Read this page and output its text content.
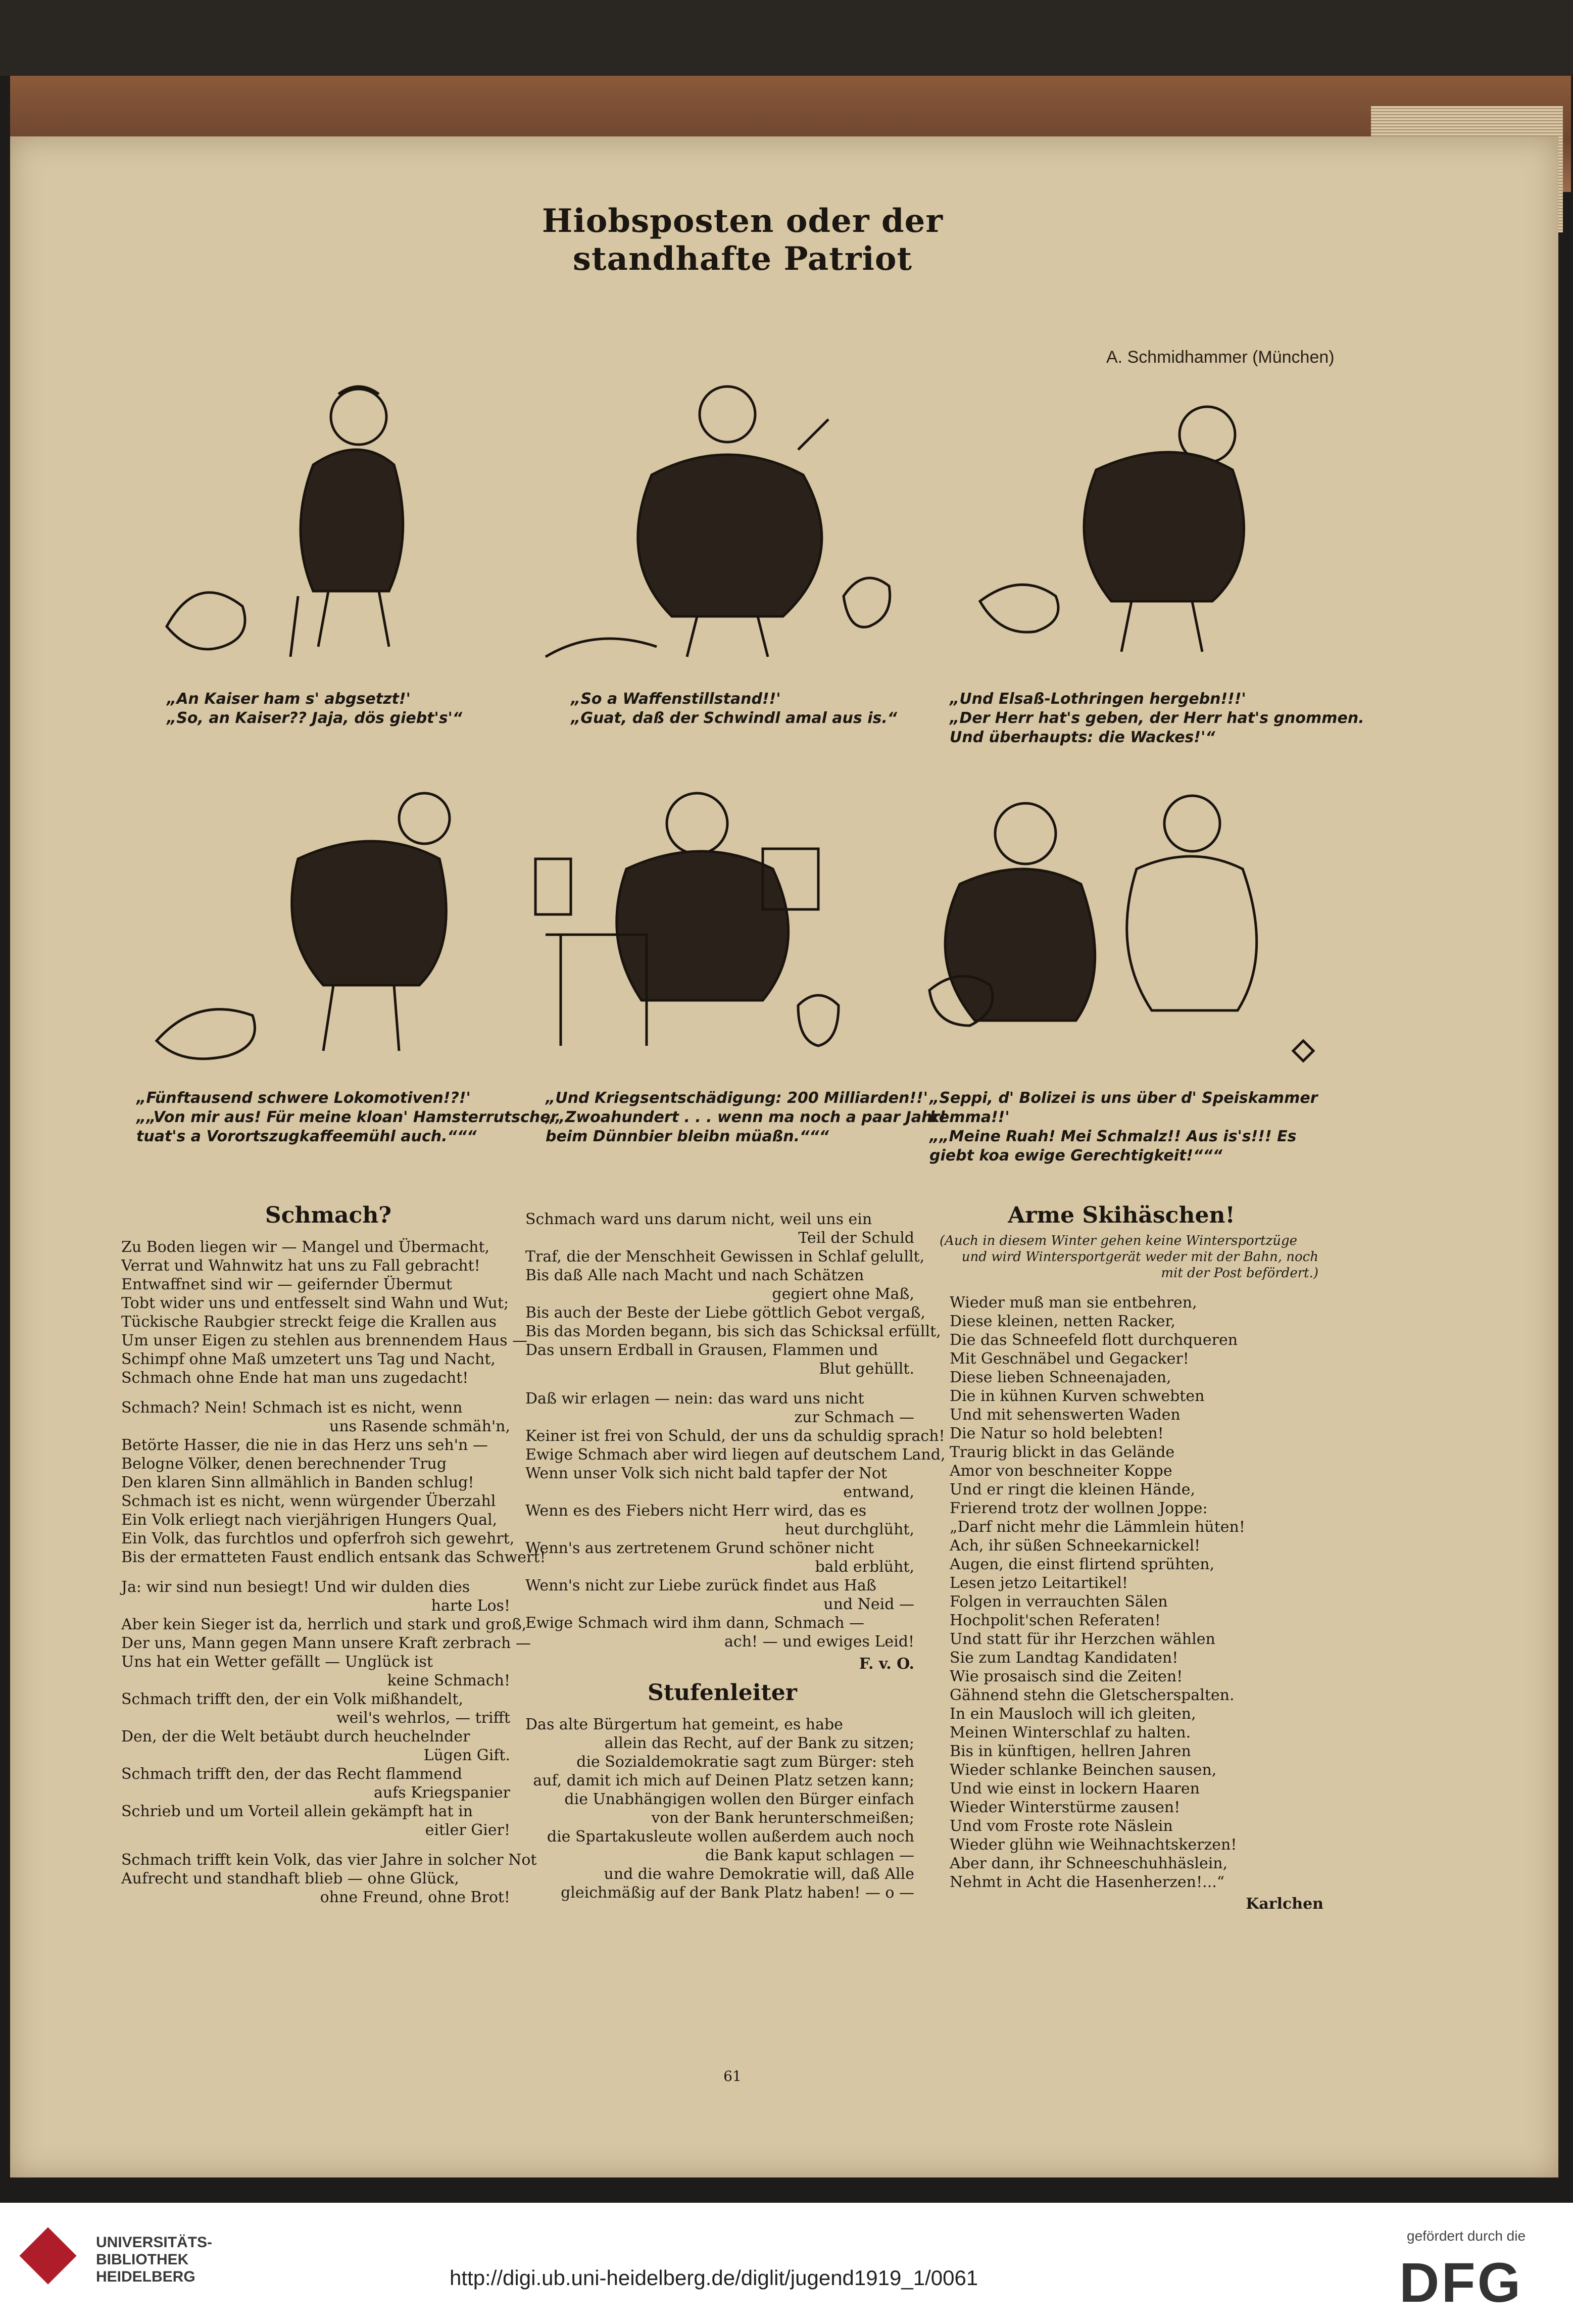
Hiobsposten oder der standhafte Patriot
A. Schmidhammer (München)
„An Kaiser ham s' abgsetzt!'
„So, an Kaiser?? Jaja, dös giebt's'“
„So a Waffenstillstand!!'
„Guat, daß der Schwindl amal aus is.“
„Und Elsaß-Lothringen hergebn!!!'
„Der Herr hat's geben, der Herr hat's gnommen.
Und überhaupts: die Wackes!'“
„Fünftausend schwere Lokomotiven!?!'
„„Von mir aus! Für meine kloan' Hamsterrutscher
tuat's a Vorortszugkaffeemühl auch.“““
„Und Kriegsentschädigung: 200 Milliarden!!'
„„Zwoahundert . . . wenn ma noch a paar Jahrl
beim Dünnbier bleibn müaßn.“““
„Seppi, d' Bolizei is uns über d' Speiskammer
kemma!!'
„„Meine Ruah! Mei Schmalz!! Aus is's!!! Es
giebt koa ewige Gerechtigkeit!“““
Schmach?

Zu Boden liegen wir — Mangel und Übermacht,

Verrat und Wahnwitz hat uns zu Fall gebracht!

Entwaffnet sind wir — geifernder Übermut

Tobt wider uns und entfesselt sind Wahn und Wut;

Tückische Raubgier streckt feige die Krallen aus

Um unser Eigen zu stehlen aus brennendem Haus —

Schimpf ohne Maß umzetert uns Tag und Nacht,

Schmach ohne Ende hat man uns zugedacht!

Schmach? Nein! Schmach ist es nicht, wenn

uns Rasende schmäh'n,

Betörte Hasser, die nie in das Herz uns seh'n —

Belogne Völker, denen berechnender Trug

Den klaren Sinn allmählich in Banden schlug!

Schmach ist es nicht, wenn würgender Überzahl

Ein Volk erliegt nach vierjährigen Hungers Qual,

Ein Volk, das furchtlos und opferfroh sich gewehrt,

Bis der ermatteten Faust endlich entsank das Schwert!

Ja: wir sind nun besiegt! Und wir dulden dies

harte Los!

Aber kein Sieger ist da, herrlich und stark und groß,

Der uns, Mann gegen Mann unsere Kraft zerbrach —

Uns hat ein Wetter gefällt — Unglück ist

keine Schmach!

Schmach trifft den, der ein Volk mißhandelt,

weil's wehrlos, — trifft

Den, der die Welt betäubt durch heuchelnder

Lügen Gift.

Schmach trifft den, der das Recht flammend

aufs Kriegspanier

Schrieb und um Vorteil allein gekämpft hat in

eitler Gier!

Schmach trifft kein Volk, das vier Jahre in solcher Not

Aufrecht und standhaft blieb — ohne Glück,

ohne Freund, ohne Brot!

Schmach ward uns darum nicht, weil uns ein

Teil der Schuld

Traf, die der Menschheit Gewissen in Schlaf gelullt,

Bis daß Alle nach Macht und nach Schätzen

gegiert ohne Maß,

Bis auch der Beste der Liebe göttlich Gebot vergaß,

Bis das Morden begann, bis sich das Schicksal erfüllt,

Das unsern Erdball in Grausen, Flammen und

Blut gehüllt.

Daß wir erlagen — nein: das ward uns nicht

zur Schmach —

Keiner ist frei von Schuld, der uns da schuldig sprach!

Ewige Schmach aber wird liegen auf deutschem Land,

Wenn unser Volk sich nicht bald tapfer der Not

entwand,

Wenn es des Fiebers nicht Herr wird, das es

heut durchglüht,

Wenn's aus zertretenem Grund schöner nicht

bald erblüht,

Wenn's nicht zur Liebe zurück findet aus Haß

und Neid —

Ewige Schmach wird ihm dann, Schmach —

ach! — und ewiges Leid!

F. v. O.
Stufenleiter

Das alte Bürgertum hat gemeint, es habe

allein das Recht, auf der Bank zu sitzen;

die Sozialdemokratie sagt zum Bürger: steh

auf, damit ich mich auf Deinen Platz setzen kann;

die Unabhängigen wollen den Bürger einfach

von der Bank herunterschmeißen;

die Spartakusleute wollen außerdem auch noch

die Bank kaput schlagen —

und die wahre Demokratie will, daß Alle

gleichmäßig auf der Bank Platz haben! — o —

Arme Skihäschen!

(Auch in diesem Winter gehen keine Wintersportzüge

und wird Wintersportgerät weder mit der Bahn, noch

mit der Post befördert.)

Wieder muß man sie entbehren,

Diese kleinen, netten Racker,

Die das Schneefeld flott durchqueren

Mit Geschnäbel und Gegacker!

Diese lieben Schneenajaden,

Die in kühnen Kurven schwebten

Und mit sehenswerten Waden

Die Natur so hold belebten!

Traurig blickt in das Gelände

Amor von beschneiter Koppe

Und er ringt die kleinen Hände,

Frierend trotz der wollnen Joppe:

„Darf nicht mehr die Lämmlein hüten!

Ach, ihr süßen Schneekarnickel!

Augen, die einst flirtend sprühten,

Lesen jetzo Leitartikel!

Folgen in verrauchten Sälen

Hochpolit'schen Referaten!

Und statt für ihr Herzchen wählen

Sie zum Landtag Kandidaten!

Wie prosaisch sind die Zeiten!

Gähnend stehn die Gletscherspalten.

In ein Mausloch will ich gleiten,

Meinen Winterschlaf zu halten.

Bis in künftigen, hellren Jahren

Wieder schlanke Beinchen sausen,

Und wie einst in lockern Haaren

Wieder Winterstürme zausen!

Und vom Froste rote Näslein

Wieder glühn wie Weihnachtskerzen!

Aber dann, ihr Schneeschuhhäslein,

Nehmt in Acht die Hasenherzen!...“

Karlchen
61
UNIVERSITÄTS-
BIBLIOTHEK
HEIDELBERG	http://digi.ub.uni-heidelberg.de/diglit/jugend1919_1/0061
gefördert durch die
DFG
